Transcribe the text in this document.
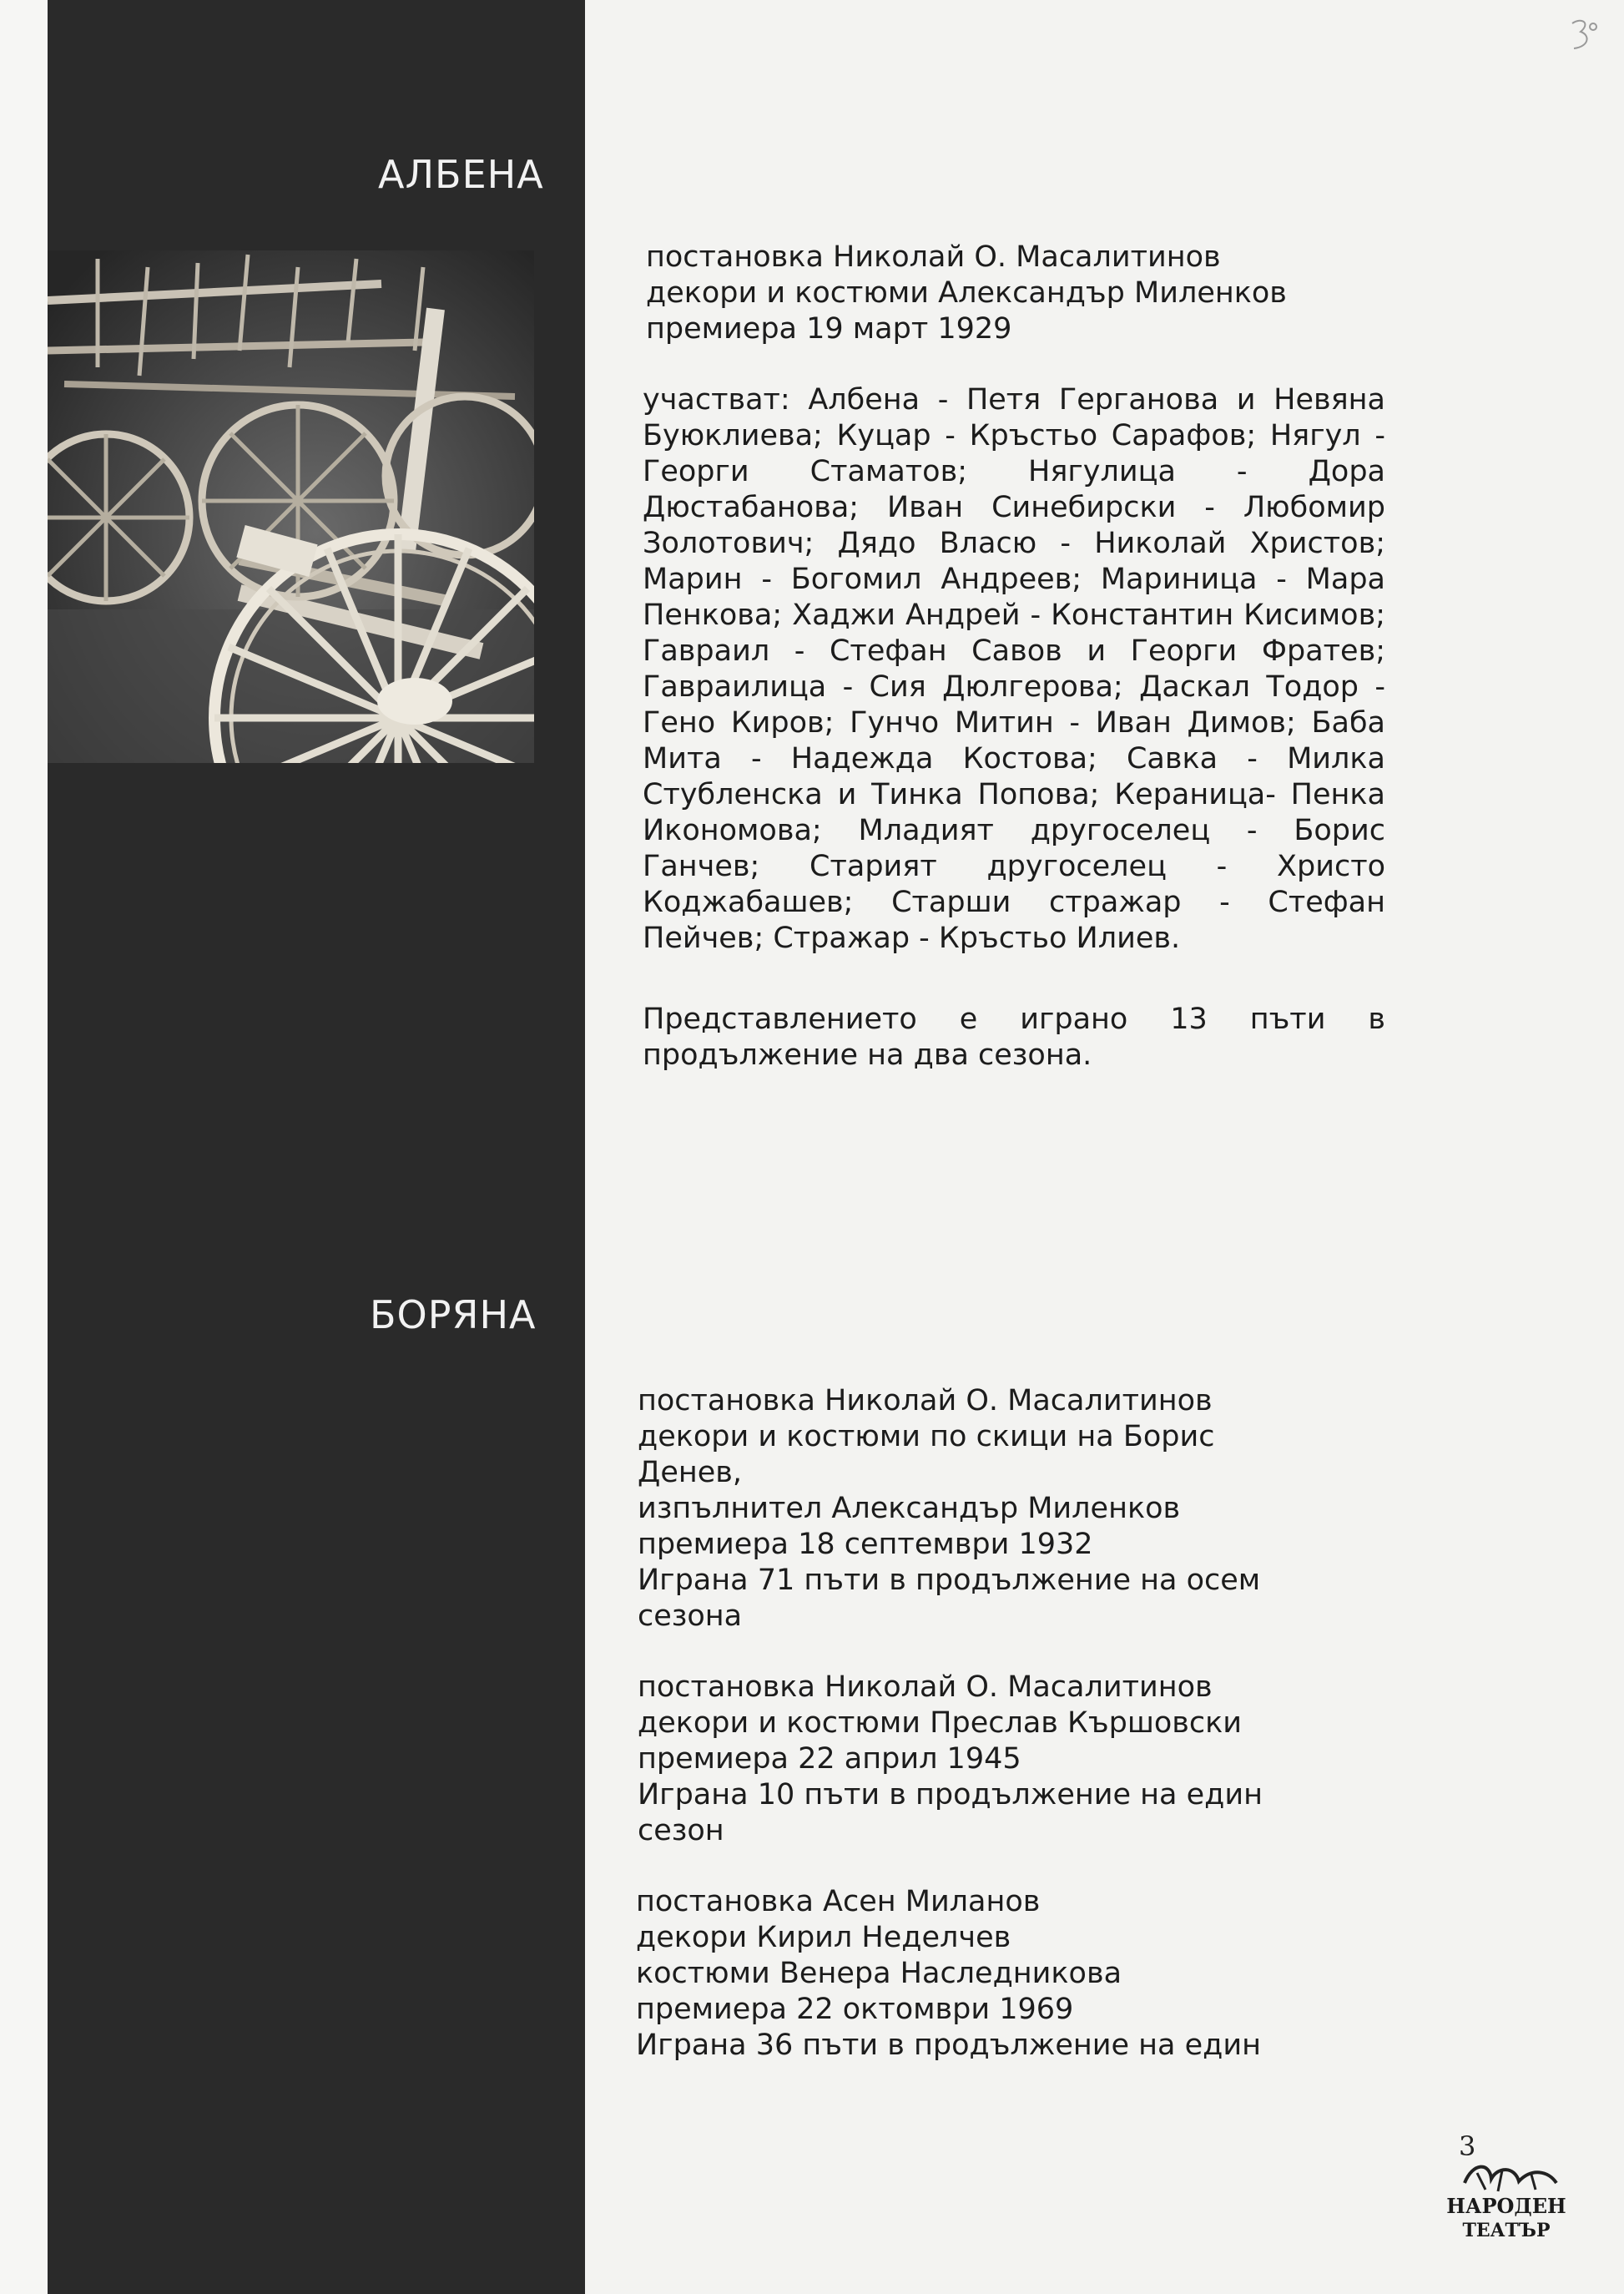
АЛБЕНА

постановка Николай О. Масалитинов

декори и костюми Александър Миленков

премиера 19 март 1929

участват: Албена - Петя Герганова и Невяна Буюклиева; Куцар - Кръстьо Сарафов; Нягул - Георги Стаматов; Нягулица - Дора Дюстабанова; Иван Синебирски - Любомир Золотович; Дядо Власю - Николай Христов; Марин - Богомил Андреев; Мариница - Мара Пенкова; Хаджи Андрей - Константин Кисимов; Гавраил - Стефан Савов и Георги Фратев; Гавраилица - Сия Дюлгерова; Даскал Тодор - Гено Киров; Гунчо Митин - Иван Димов; Баба Мита - Надежда Костова; Савка - Милка Стубленска и Тинка Попова; Кераница- Пенка Икономова; Младият другоселец - Борис Ганчев; Старият другоселец - Христо Коджабашев; Старши стражар - Стефан Пейчев; Стражар - Кръстьо Илиев.
Представлението е играно 13 пъти в продължение на два сезона.
БОРЯНА

постановка Николай О. Масалитинов

декори и костюми по скици на Борис Денев,

изпълнител Александър Миленков

премиера 18 септември 1932

Играна 71 пъти в продължение на осем сезона

постановка Николай О. Масалитинов

декори и костюми Преслав Кършовски

премиера 22 април 1945

Играна 10 пъти в продължение на един сезон

постановка Асен Миланов

декори Кирил Неделчев

костюми Венера Наследникова

премиера 22 октомври 1969

Играна 36 пъти в продължение на един

3
НАРОДЕН
ТЕАТЪР
